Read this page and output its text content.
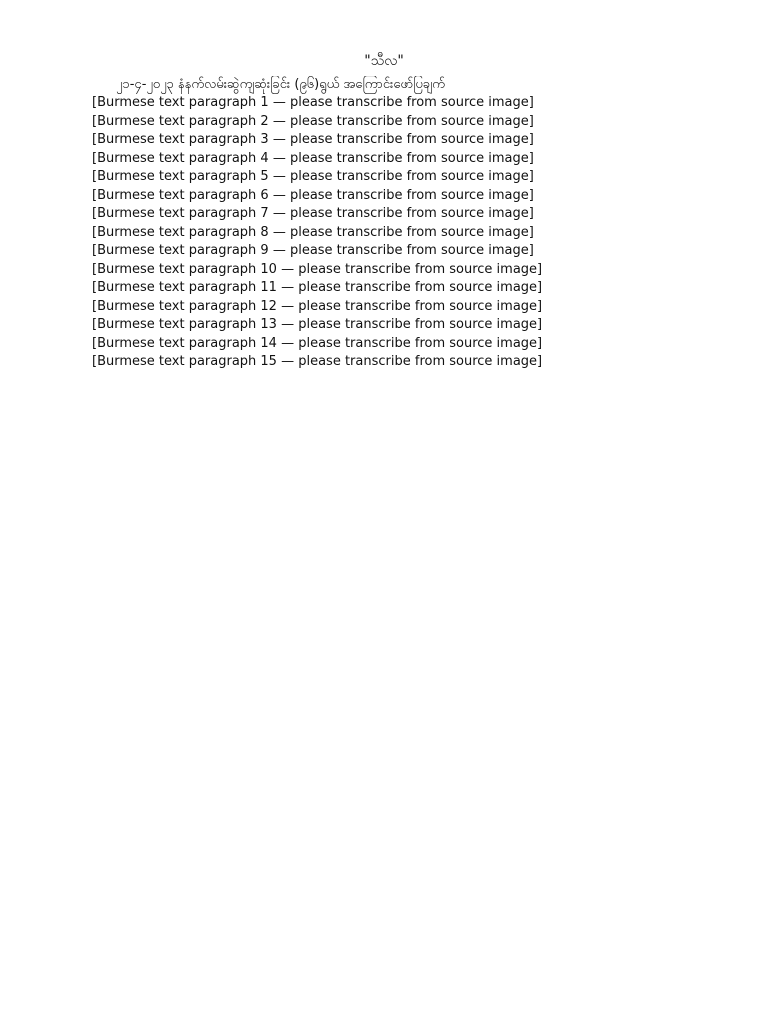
"သီလ"
၂၁-၄-၂၀၂၃ နံနက်လမ်းဆွဲကျဆုံးခြင်း (၉၆)ရွယ် အကြောင်းဖော်ပြချက်

[Burmese text paragraph 1 — please transcribe from source image]

[Burmese text paragraph 2 — please transcribe from source image]

[Burmese text paragraph 3 — please transcribe from source image]

[Burmese text paragraph 4 — please transcribe from source image]

[Burmese text paragraph 5 — please transcribe from source image]

[Burmese text paragraph 6 — please transcribe from source image]

[Burmese text paragraph 7 — please transcribe from source image]

[Burmese text paragraph 8 — please transcribe from source image]

[Burmese text paragraph 9 — please transcribe from source image]

[Burmese text paragraph 10 — please transcribe from source image]

[Burmese text paragraph 11 — please transcribe from source image]

[Burmese text paragraph 12 — please transcribe from source image]

[Burmese text paragraph 13 — please transcribe from source image]

[Burmese text paragraph 14 — please transcribe from source image]

[Burmese text paragraph 15 — please transcribe from source image]
